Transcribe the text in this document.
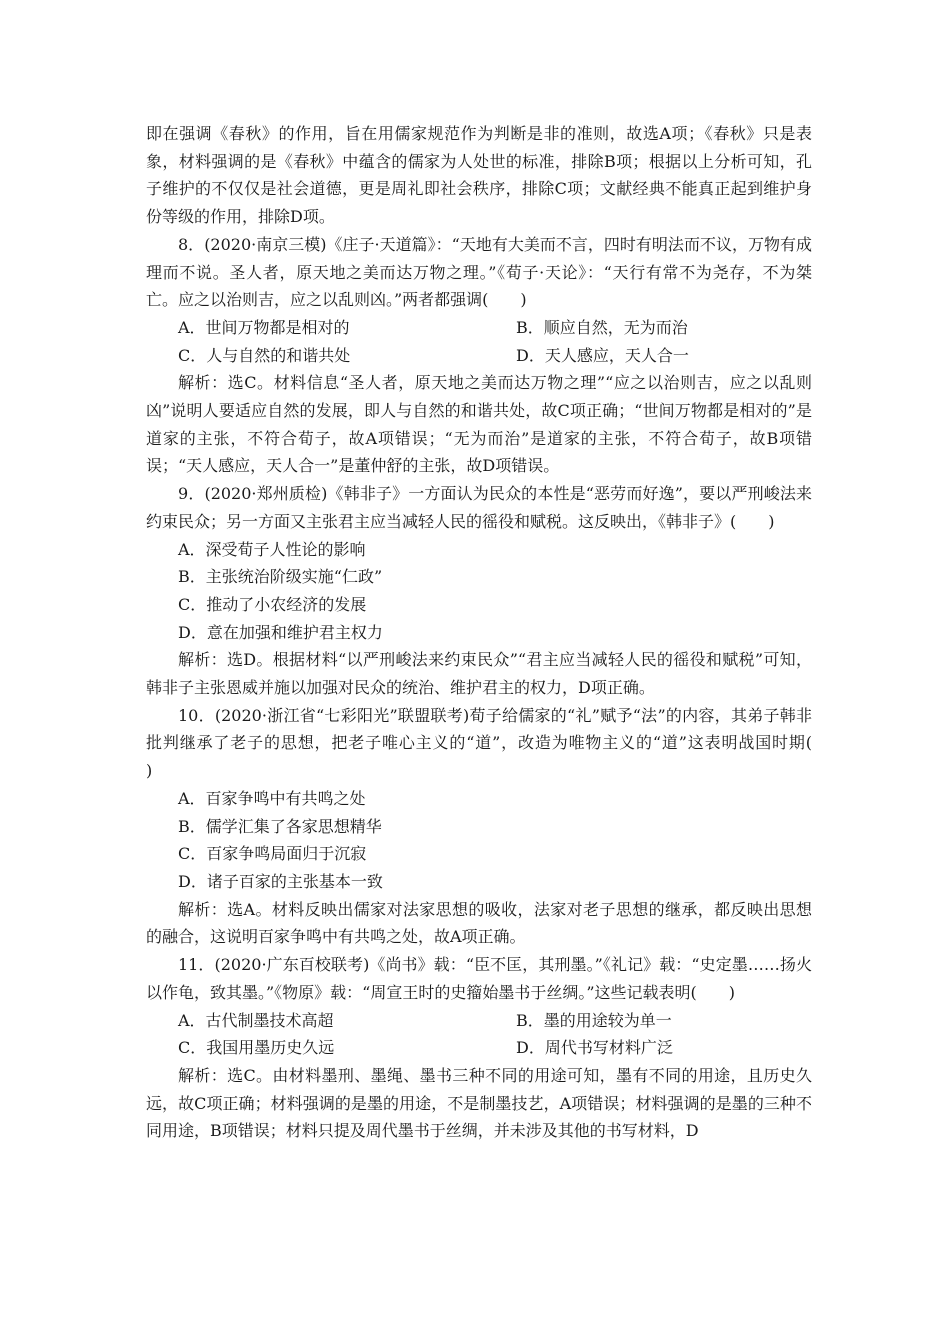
即在强调《春秋》的作用，旨在用儒家规范作为判断是非的准则，故选A项；《春秋》只是表象，材料强调的是《春秋》中蕴含的儒家为人处世的标准，排除B项；根据以上分析可知，孔子维护的不仅仅是社会道德，更是周礼即社会秩序，排除C项；文献经典不能真正起到维护身份等级的作用，排除D项。

8．(2020·南京三模)《庄子·天道篇》：“天地有大美而不言，四时有明法而不议，万物有成理而不说。圣人者，原天地之美而达万物之理。”《荀子·天论》：“天行有常不为尧存，不为桀亡。应之以治则吉，应之以乱则凶。”两者都强调(　　)

A．世间万物都是相对的	B．顺应自然，无为而治
C．人与自然的和谐共处	D．天人感应，天人合一

解析：选C。材料信息“圣人者，原天地之美而达万物之理”“应之以治则吉，应之以乱则凶”说明人要适应自然的发展，即人与自然的和谐共处，故C项正确；“世间万物都是相对的”是道家的主张，不符合荀子，故A项错误；“无为而治”是道家的主张，不符合荀子，故B项错误；“天人感应，天人合一”是董仲舒的主张，故D项错误。

9．(2020·郑州质检)《韩非子》一方面认为民众的本性是“恶劳而好逸”，要以严刑峻法来约束民众；另一方面又主张君主应当减轻人民的徭役和赋税。这反映出，《韩非子》(　　)

A．深受荀子人性论的影响

B．主张统治阶级实施“仁政”

C．推动了小农经济的发展

D．意在加强和维护君主权力

解析：选D。根据材料“以严刑峻法来约束民众”“君主应当减轻人民的徭役和赋税”可知，韩非子主张恩威并施以加强对民众的统治、维护君主的权力，D项正确。

10．(2020·浙江省“七彩阳光”联盟联考)荀子给儒家的“礼”赋予“法”的内容，其弟子韩非批判继承了老子的思想，把老子唯心主义的“道”，改造为唯物主义的“道”这表明战国时期(　　)

A．百家争鸣中有共鸣之处

B．儒学汇集了各家思想精华

C．百家争鸣局面归于沉寂

D．诸子百家的主张基本一致

解析：选A。材料反映出儒家对法家思想的吸收，法家对老子思想的继承，都反映出思想的融合，这说明百家争鸣中有共鸣之处，故A项正确。

11．(2020·广东百校联考)《尚书》载：“臣不匡，其刑墨。”《礼记》载：“史定墨……扬火以作龟，致其墨。”《物原》载：“周宣王时的史籀始墨书于丝绸。”这些记载表明(　　)

A．古代制墨技术高超	B．墨的用途较为单一
C．我国用墨历史久远	D．周代书写材料广泛

解析：选C。由材料墨刑、墨绳、墨书三种不同的用途可知，墨有不同的用途，且历史久远，故C项正确；材料强调的是墨的用途，不是制墨技艺，A项错误；材料强调的是墨的三种不同用途，B项错误；材料只提及周代墨书于丝绸，并未涉及其他的书写材料，D
